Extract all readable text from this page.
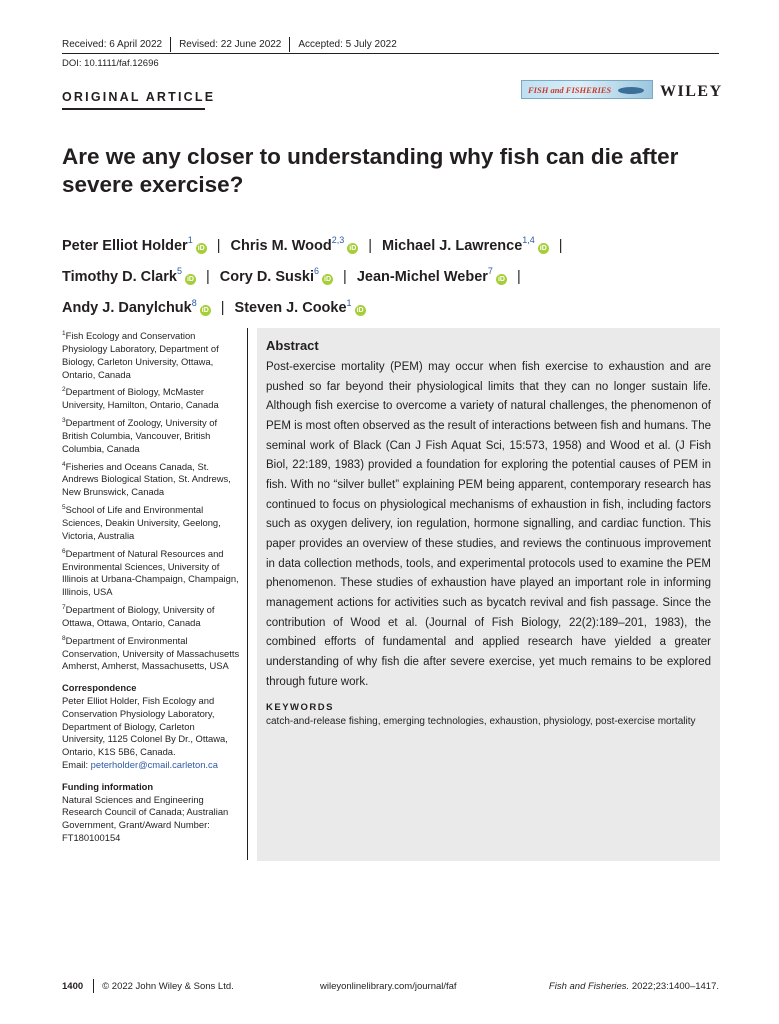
Received: 6 April 2022 Revised: 22 June 2022 Accepted: 5 July 2022
DOI: 10.1111/faf.12696
ORIGINAL ARTICLE
FISH and FISHERIES	WILEY
Are we any closer to understanding why fish can die after severe exercise?
Peter Elliot Holder$^1$iD | Chris M. Wood$^{2,3}$iD | Michael J. Lawrence$^{1,4}$iD |
Timothy D. Clark$^5$iD | Cory D. Suski$^6$iD | Jean-Michel Weber$^7$iD |
Andy J. Danylchuk$^8$iD | Steven J. Cooke$^1$iD
$^1$Fish Ecology and Conservation Physiology Laboratory, Department of Biology, Carleton University, Ottawa, Ontario, Canada
$^2$Department of Biology, McMaster University, Hamilton, Ontario, Canada
$^3$Department of Zoology, University of British Columbia, Vancouver, British Columbia, Canada
$^4$Fisheries and Oceans Canada, St. Andrews Biological Station, St. Andrews, New Brunswick, Canada
$^5$School of Life and Environmental Sciences, Deakin University, Geelong, Victoria, Australia
$^6$Department of Natural Resources and Environmental Sciences, University of Illinois at Urbana-Champaign, Champaign, Illinois, USA
$^7$Department of Biology, University of Ottawa, Ottawa, Ontario, Canada
$^8$Department of Environmental Conservation, University of Massachusetts Amherst, Amherst, Massachusetts, USA
Correspondence
Peter Elliot Holder, Fish Ecology and Conservation Physiology Laboratory, Department of Biology, Carleton University, 1125 Colonel By Dr., Ottawa, Ontario, K1S 5B6, Canada.
Email: peterholder@cmail.carleton.ca
Funding information
Natural Sciences and Engineering Research Council of Canada; Australian Government, Grant/Award Number: FT180100154
Abstract
Post-exercise mortality (PEM) may occur when fish exercise to exhaustion and are pushed so far beyond their physiological limits that they can no longer sustain life. Although fish exercise to overcome a variety of natural challenges, the phenomenon of PEM is most often observed as the result of interactions between fish and humans. The seminal work of Black (Can J Fish Aquat Sci, 15:573, 1958) and Wood et al. (J Fish Biol, 22:189, 1983) provided a foundation for exploring the potential causes of PEM in fish. With no “silver bullet” explaining PEM being apparent, contemporary research has continued to focus on physiological mechanisms of exhaustion in fish, including factors such as oxygen delivery, ion regulation, hormone signalling, and cardiac function. This paper provides an overview of these studies, and reviews the continuous improvement in data collection methods, tools, and experimental protocols used to examine the PEM phenomenon. These studies of exhaustion have played an important role in informing management actions for activities such as bycatch revival and fish passage. Since the contribution of Wood et al. (Journal of Fish Biology, 22(2):189–201, 1983), the combined efforts of fundamental and applied research have yielded a greater understanding of why fish die after severe exercise, yet much remains to be explored through future work.
KEYWORDS
catch-and-release fishing, emerging technologies, exhaustion, physiology, post-exercise mortality
1400 © 2022 John Wiley & Sons Ltd.	wileyonlinelibrary.com/journal/faf	Fish and Fisheries. 2022;23:1400–1417.
